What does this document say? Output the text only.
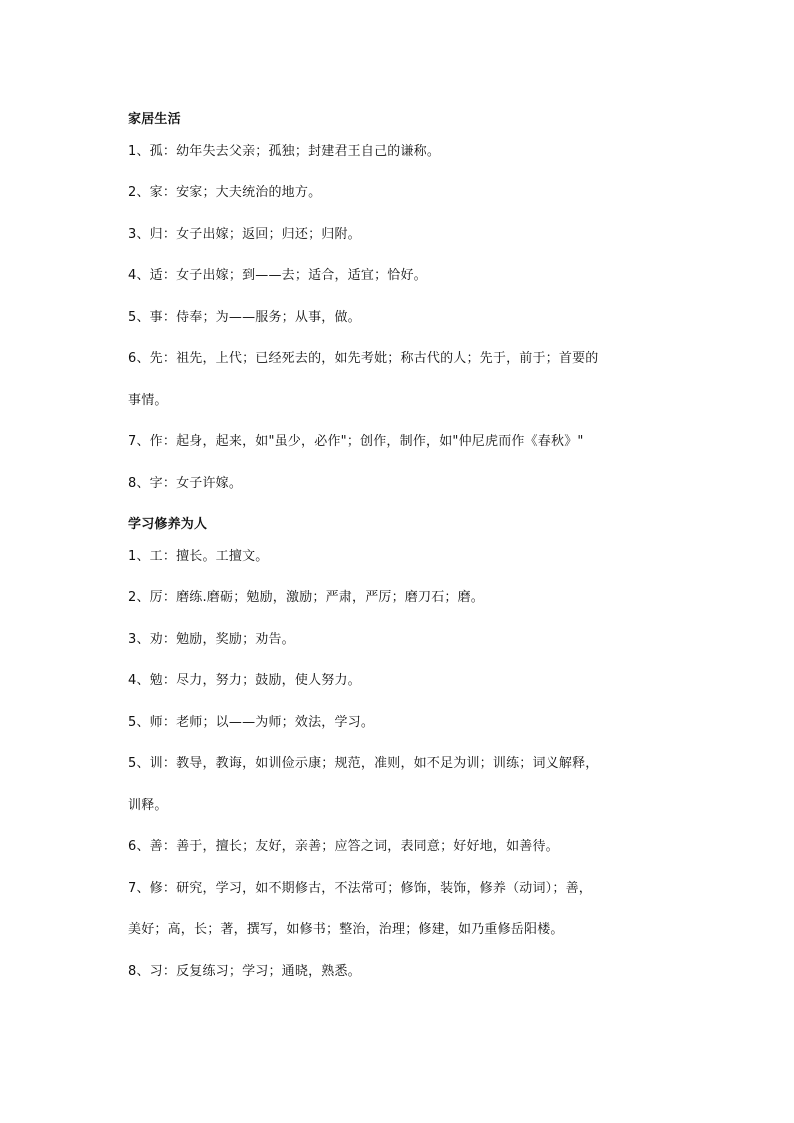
家居生活
1、孤：幼年失去父亲；孤独；封建君王自己的谦称。
2、家：安家；大夫统治的地方。
3、归：女子出嫁；返回；归还；归附。
4、适：女子出嫁；到——去；适合，适宜；恰好。
5、事：侍奉；为——服务；从事，做。
6、先：祖先，上代；已经死去的，如先考妣；称古代的人；先于，前于；首要的
事情。
7、作：起身，起来，如"虽少，必作"；创作，制作，如"仲尼虎而作《春秋》"
8、字：女子许嫁。
学习修养为人
1、工：擅长。工擅文。
2、厉：磨练.磨砺；勉励，激励；严肃，严厉；磨刀石；磨。
3、劝：勉励，奖励；劝告。
4、勉：尽力，努力；鼓励，使人努力。
5、师：老师；以——为师；效法，学习。
5、训：教导，教诲，如训俭示康；规范，准则，如不足为训；训练；词义解释，
训释。
6、善：善于，擅长；友好，亲善；应答之词，表同意；好好地，如善待。
7、修：研究，学习，如不期修古，不法常可；修饰，装饰，修养（动词）；善，
美好；高，长；著，撰写，如修书；整治，治理；修建，如乃重修岳阳楼。
8、习：反复练习；学习；通晓，熟悉。
